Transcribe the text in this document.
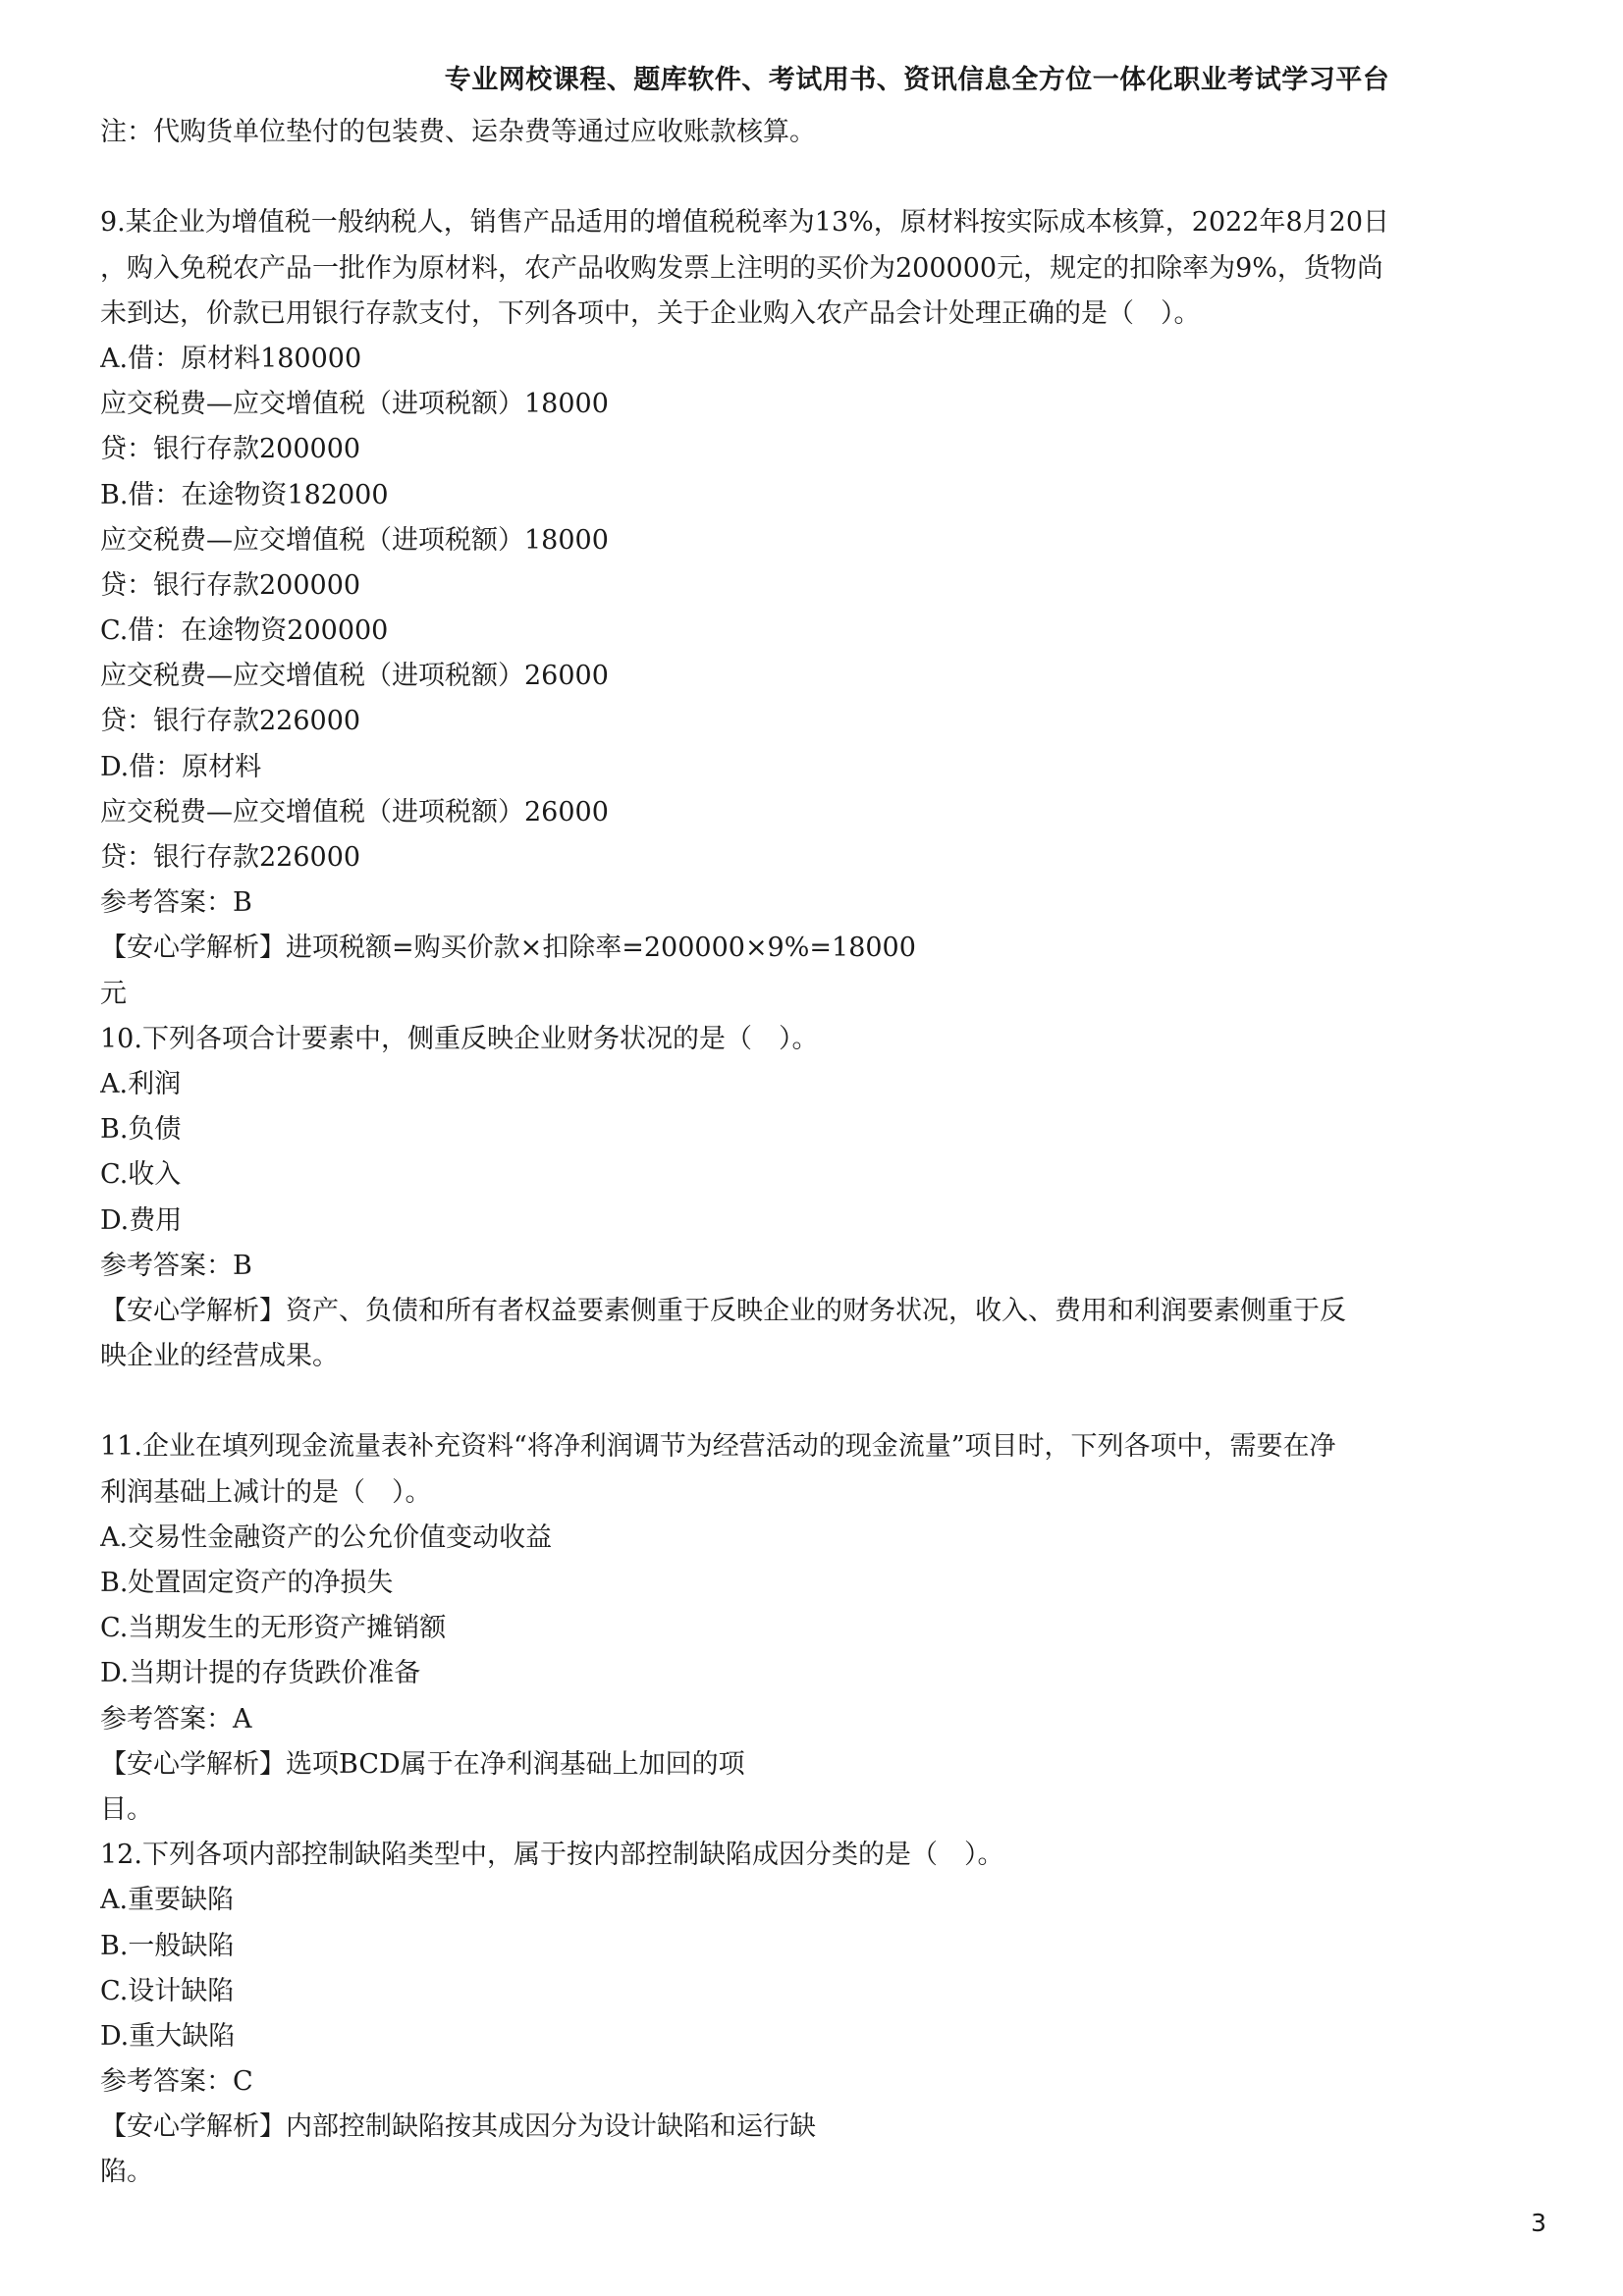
专业网校课程、题库软件、考试用书、资讯信息全方位一体化职业考试学习平台
注：代购货单位垫付的包装费、运杂费等通过应收账款核算。
9.某企业为增值税一般纳税人，销售产品适用的增值税税率为13%，原材料按实际成本核算，2022年8月20日
，购入免税农产品一批作为原材料，农产品收购发票上注明的买价为200000元，规定的扣除率为9%，货物尚
未到达，价款已用银行存款支付，下列各项中，关于企业购入农产品会计处理正确的是（　）。
A.借：原材料180000
应交税费—应交增值税（进项税额）18000
贷：银行存款200000
B.借：在途物资182000
应交税费—应交增值税（进项税额）18000
贷：银行存款200000
C.借：在途物资200000
应交税费—应交增值税（进项税额）26000
贷：银行存款226000
D.借：原材料
应交税费—应交增值税（进项税额）26000
贷：银行存款226000
参考答案：B
【安心学解析】进项税额=购买价款×扣除率=200000×9%=18000
元
10.下列各项合计要素中，侧重反映企业财务状况的是（　）。
A.利润
B.负债
C.收入
D.费用
参考答案：B
【安心学解析】资产、负债和所有者权益要素侧重于反映企业的财务状况，收入、费用和利润要素侧重于反
映企业的经营成果。
11.企业在填列现金流量表补充资料“将净利润调节为经营活动的现金流量”项目时，下列各项中，需要在净
利润基础上减计的是（　）。
A.交易性金融资产的公允价值变动收益
B.处置固定资产的净损失
C.当期发生的无形资产摊销额
D.当期计提的存货跌价准备
参考答案：A
【安心学解析】选项BCD属于在净利润基础上加回的项
目。
12.下列各项内部控制缺陷类型中，属于按内部控制缺陷成因分类的是（　）。
A.重要缺陷
B.一般缺陷
C.设计缺陷
D.重大缺陷
参考答案：C
【安心学解析】内部控制缺陷按其成因分为设计缺陷和运行缺
陷。
3
